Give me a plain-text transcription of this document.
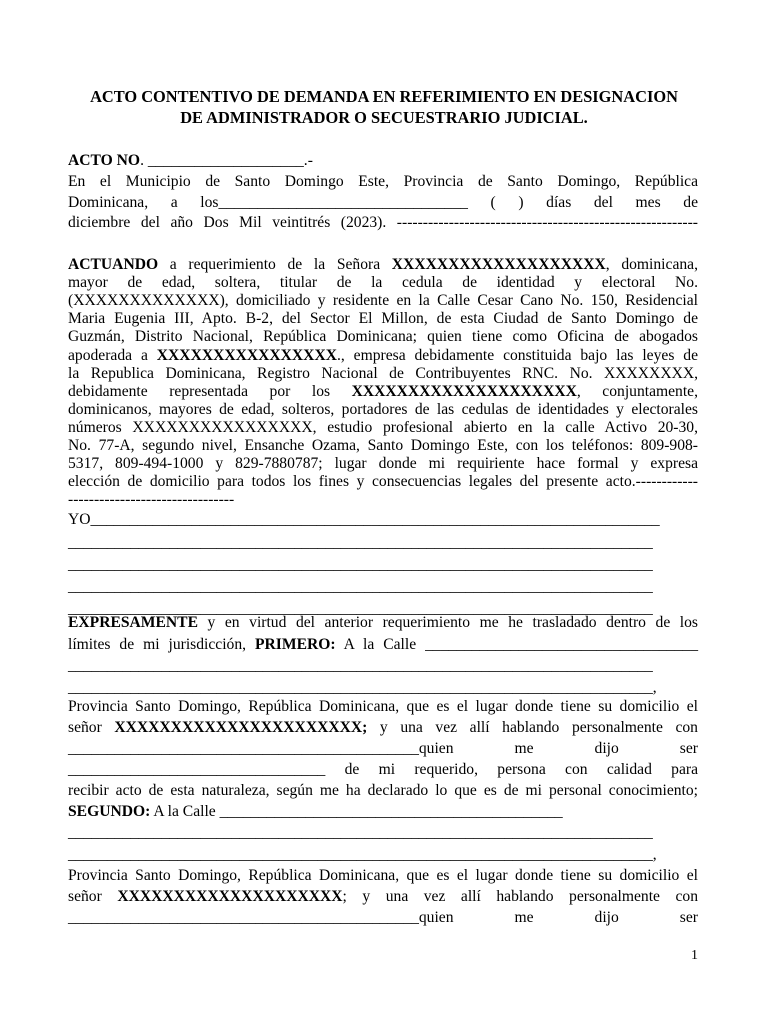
ACTO CONTENTIVO DE DEMANDA EN REFERIMIENTO EN DESIGNACION
DE ADMINISTRADOR O SECUESTRARIO JUDICIAL.
ACTO NO. ____________________.-
En el Municipio de Santo Domingo Este, Provincia de Santo Domingo, República
Dominicana, a los________________________________ ( ) días del mes de
diciembre del año Dos Mil veintitrés (2023). ----------------------------------------------------------
ACTUANDO a requerimiento de la Señora XXXXXXXXXXXXXXXXXXX, dominicana,
mayor de edad, soltera, titular de la cedula de identidad y electoral No.
(XXXXXXXXXXXXX), domiciliado y residente en la Calle Cesar Cano No. 150, Residencial
Maria Eugenia III, Apto. B-2, del Sector El Millon, de esta Ciudad de Santo Domingo de
Guzmán, Distrito Nacional, República Dominicana; quien tiene como Oficina de abogados
apoderada a XXXXXXXXXXXXXXXX., empresa debidamente constituida bajo las leyes de
la Republica Dominicana, Registro Nacional de Contribuyentes RNC. No. XXXXXXXX,
debidamente representada por los XXXXXXXXXXXXXXXXXXXX, conjuntamente,
dominicanos, mayores de edad, solteros, portadores de las cedulas de identidades y electorales
números XXXXXXXXXXXXXXXX, estudio profesional abierto en la calle Activo 20-30,
No. 77-A, segundo nivel, Ensanche Ozama, Santo Domingo Este, con los teléfonos: 809-908-
5317, 809-494-1000 y 829-7880787; lugar donde mi requiriente hace formal y expresa
elección de domicilio para todos los fines y consecuencias legales del presente acto.------------
--------------------------------
YO_________________________________________________________________________
___________________________________________________________________________
___________________________________________________________________________
___________________________________________________________________________
___________________________________________________________________________
EXPRESAMENTE y en virtud del anterior requerimiento me he trasladado dentro de los
límites de mi jurisdicción, PRIMERO: A la Calle ___________________________________
___________________________________________________________________________
___________________________________________________________________________,
Provincia Santo Domingo, República Dominicana, que es el lugar donde tiene su domicilio el
señor XXXXXXXXXXXXXXXXXXXXXX; y una vez allí hablando personalmente con
_____________________________________________quien me dijo ser
_________________________________ de mi requerido, persona con calidad para
recibir acto de esta naturaleza, según me ha declarado lo que es de mi personal conocimiento;
SEGUNDO: A la Calle ____________________________________________
___________________________________________________________________________
___________________________________________________________________________,
Provincia Santo Domingo, República Dominicana, que es el lugar donde tiene su domicilio el
señor XXXXXXXXXXXXXXXXXXXX; y una vez allí hablando personalmente con
_____________________________________________quien me dijo ser
1
